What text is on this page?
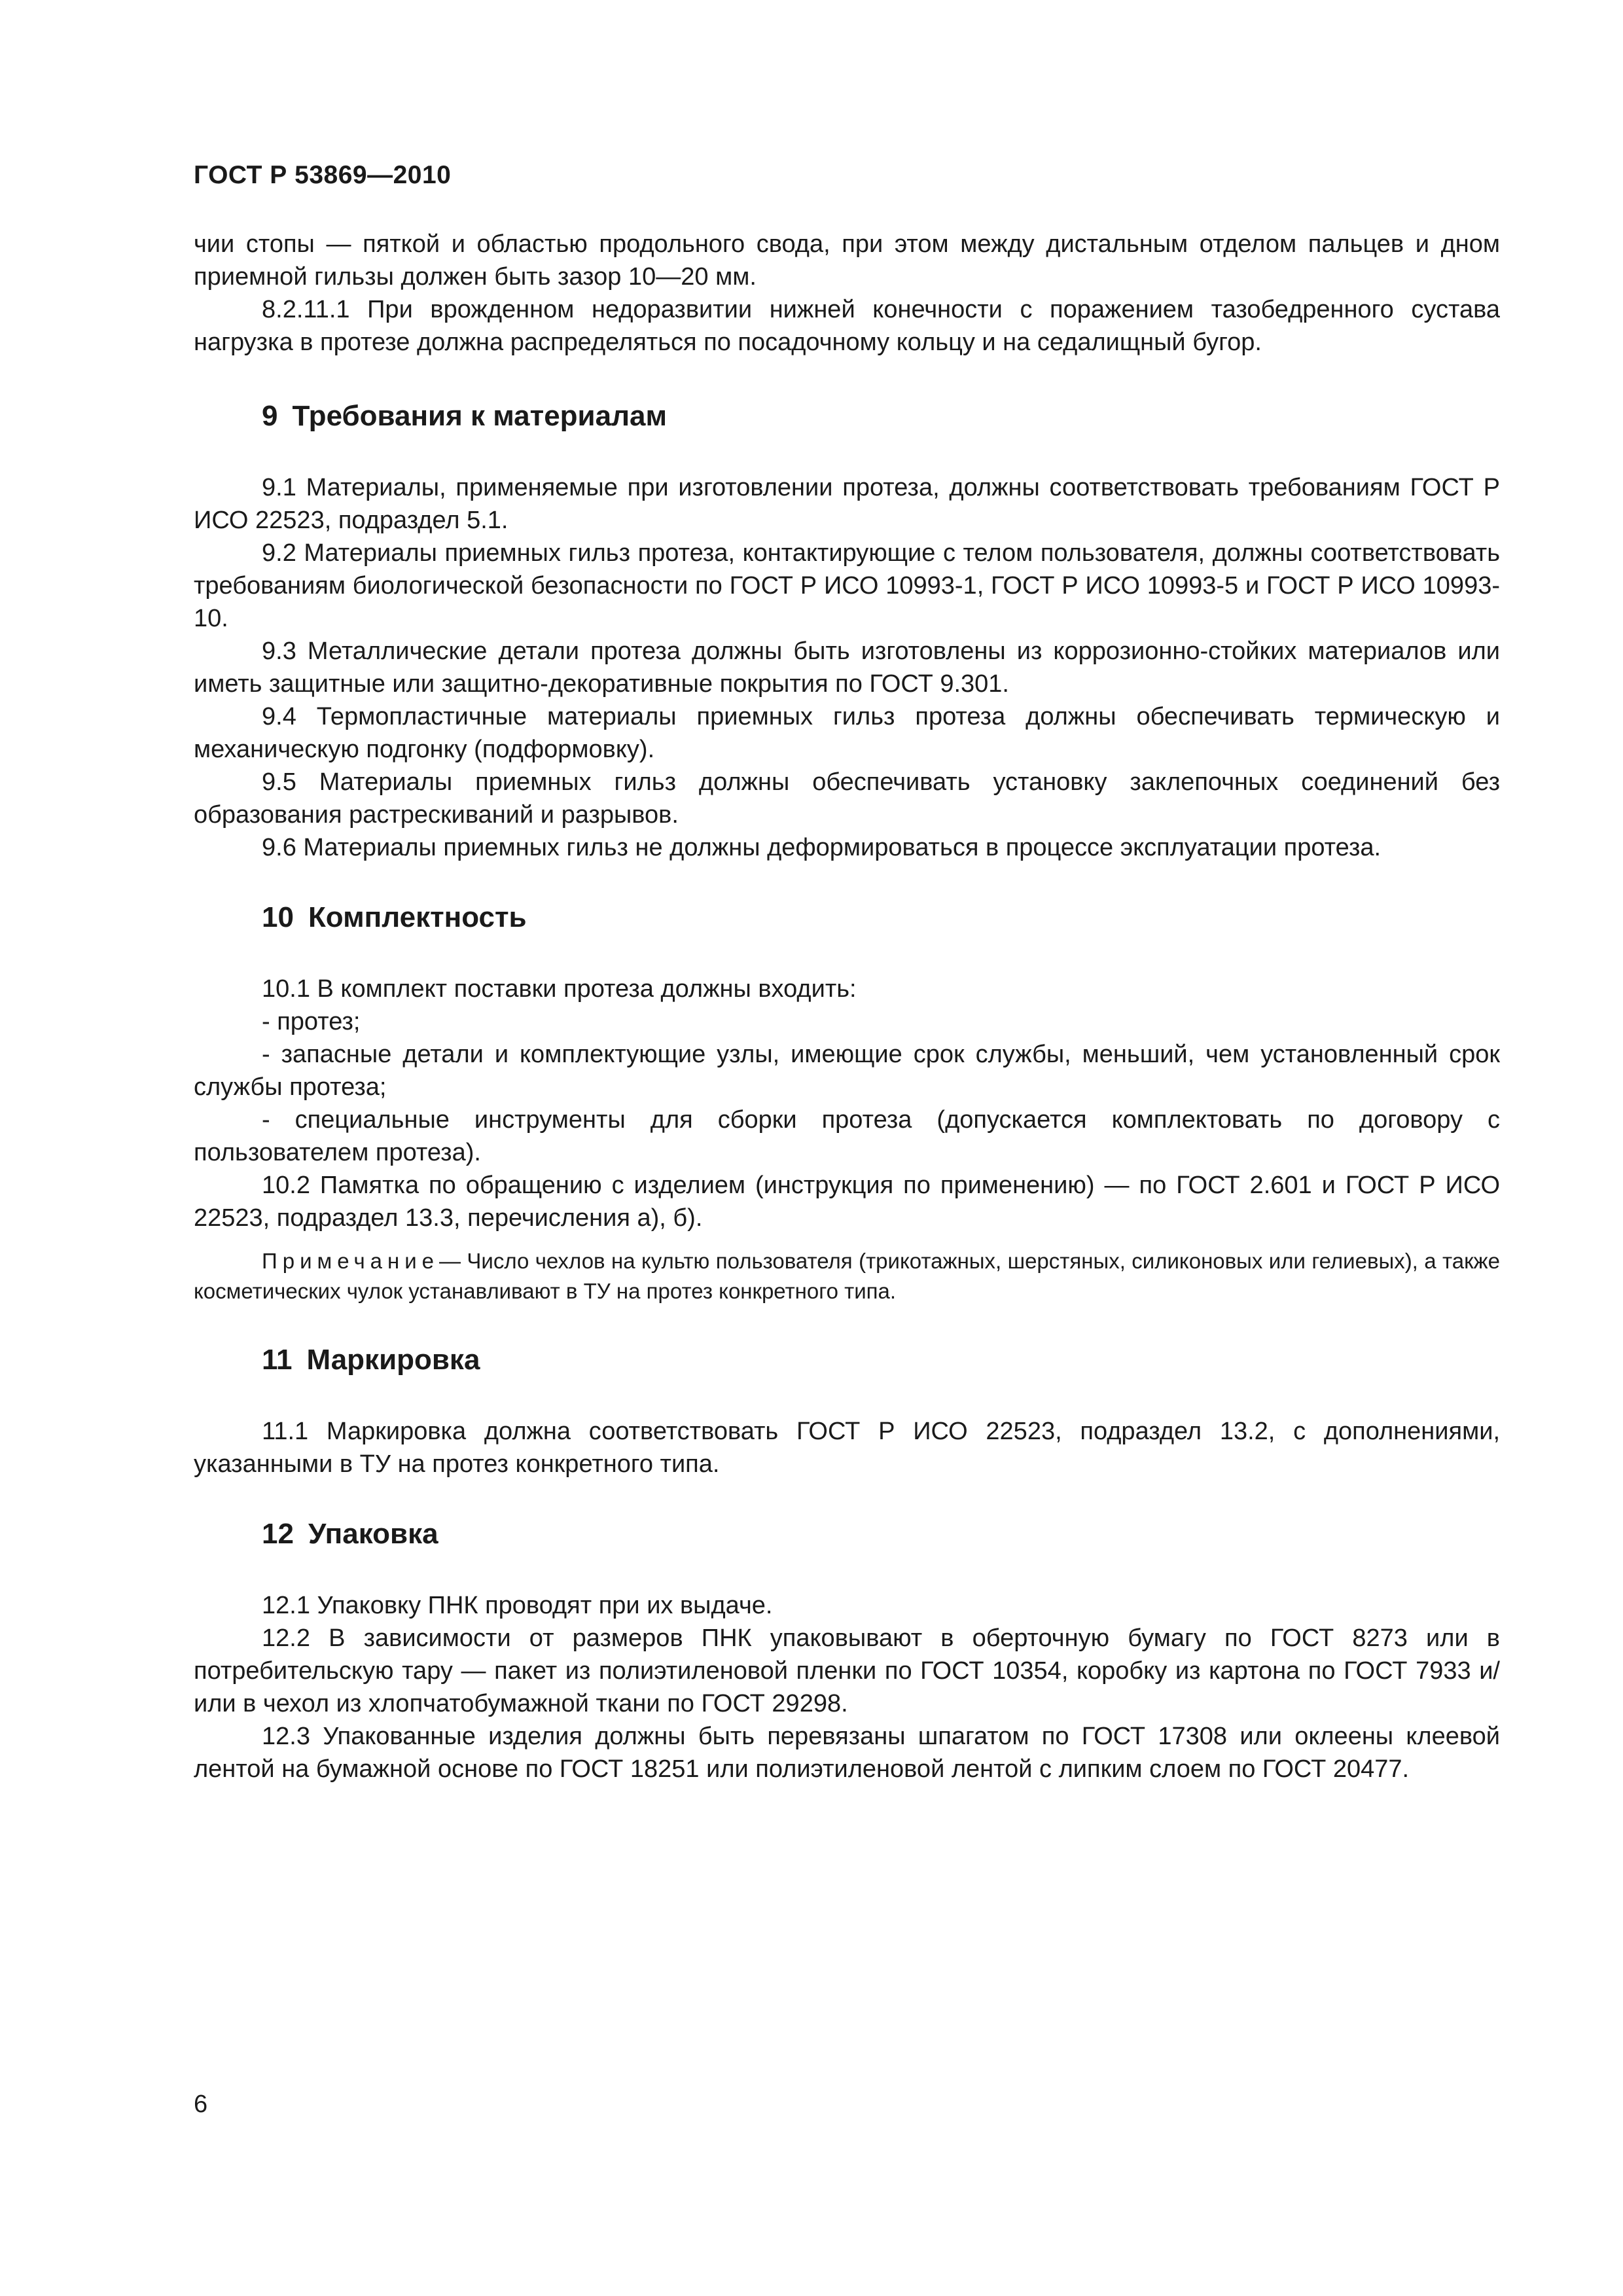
ГОСТ Р 53869—2010

чии стопы — пяткой и областью продольного свода, при этом между дистальным отделом пальцев и дном приемной гильзы должен быть зазор 10—20 мм.

8.2.11.1 При врожденном недоразвитии нижней конечности с поражением тазобедренного сустава нагрузка в протезе должна распределяться по посадочному кольцу и на седалищный бугор.

9 Требования к материалам

9.1 Материалы, применяемые при изготовлении протеза, должны соответствовать требованиям ГОСТ Р ИСО 22523, подраздел 5.1.

9.2 Материалы приемных гильз протеза, контактирующие с телом пользователя, должны соответствовать требованиям биологической безопасности по ГОСТ Р ИСО 10993-1, ГОСТ Р ИСО 10993-5 и ГОСТ Р ИСО 10993-10.

9.3 Металлические детали протеза должны быть изготовлены из коррозионно-стойких материалов или иметь защитные или защитно-декоративные покрытия по ГОСТ 9.301.

9.4 Термопластичные материалы приемных гильз протеза должны обеспечивать термическую и механическую подгонку (подформовку).

9.5 Материалы приемных гильз должны обеспечивать установку заклепочных соединений без образования растрескиваний и разрывов.

9.6 Материалы приемных гильз не должны деформироваться в процессе эксплуатации протеза.

10 Комплектность

10.1 В комплект поставки протеза должны входить:

- протез;

- запасные детали и комплектующие узлы, имеющие срок службы, меньший, чем установленный срок службы протеза;

- специальные инструменты для сборки протеза (допускается комплектовать по договору с пользователем протеза).

10.2 Памятка по обращению с изделием (инструкция по применению) — по ГОСТ 2.601 и ГОСТ Р ИСО 22523, подраздел 13.3, перечисления а), б).

Примечание— Число чехлов на культю пользователя (трикотажных, шерстяных, силиконовых или гелиевых), а также косметических чулок устанавливают в ТУ на протез конкретного типа.

11 Маркировка

11.1 Маркировка должна соответствовать ГОСТ Р ИСО 22523, подраздел 13.2, с дополнениями, указанными в ТУ на протез конкретного типа.

12 Упаковка

12.1 Упаковку ПНК проводят при их выдаче.

12.2 В зависимости от размеров ПНК упаковывают в оберточную бумагу по ГОСТ 8273 или в потребительскую тару — пакет из полиэтиленовой пленки по ГОСТ 10354, коробку из картона по ГОСТ 7933 и/или в чехол из хлопчатобумажной ткани по ГОСТ 29298.

12.3 Упакованные изделия должны быть перевязаны шпагатом по ГОСТ 17308 или оклеены клеевой лентой на бумажной основе по ГОСТ 18251 или полиэтиленовой лентой с липким слоем по ГОСТ 20477.

6
